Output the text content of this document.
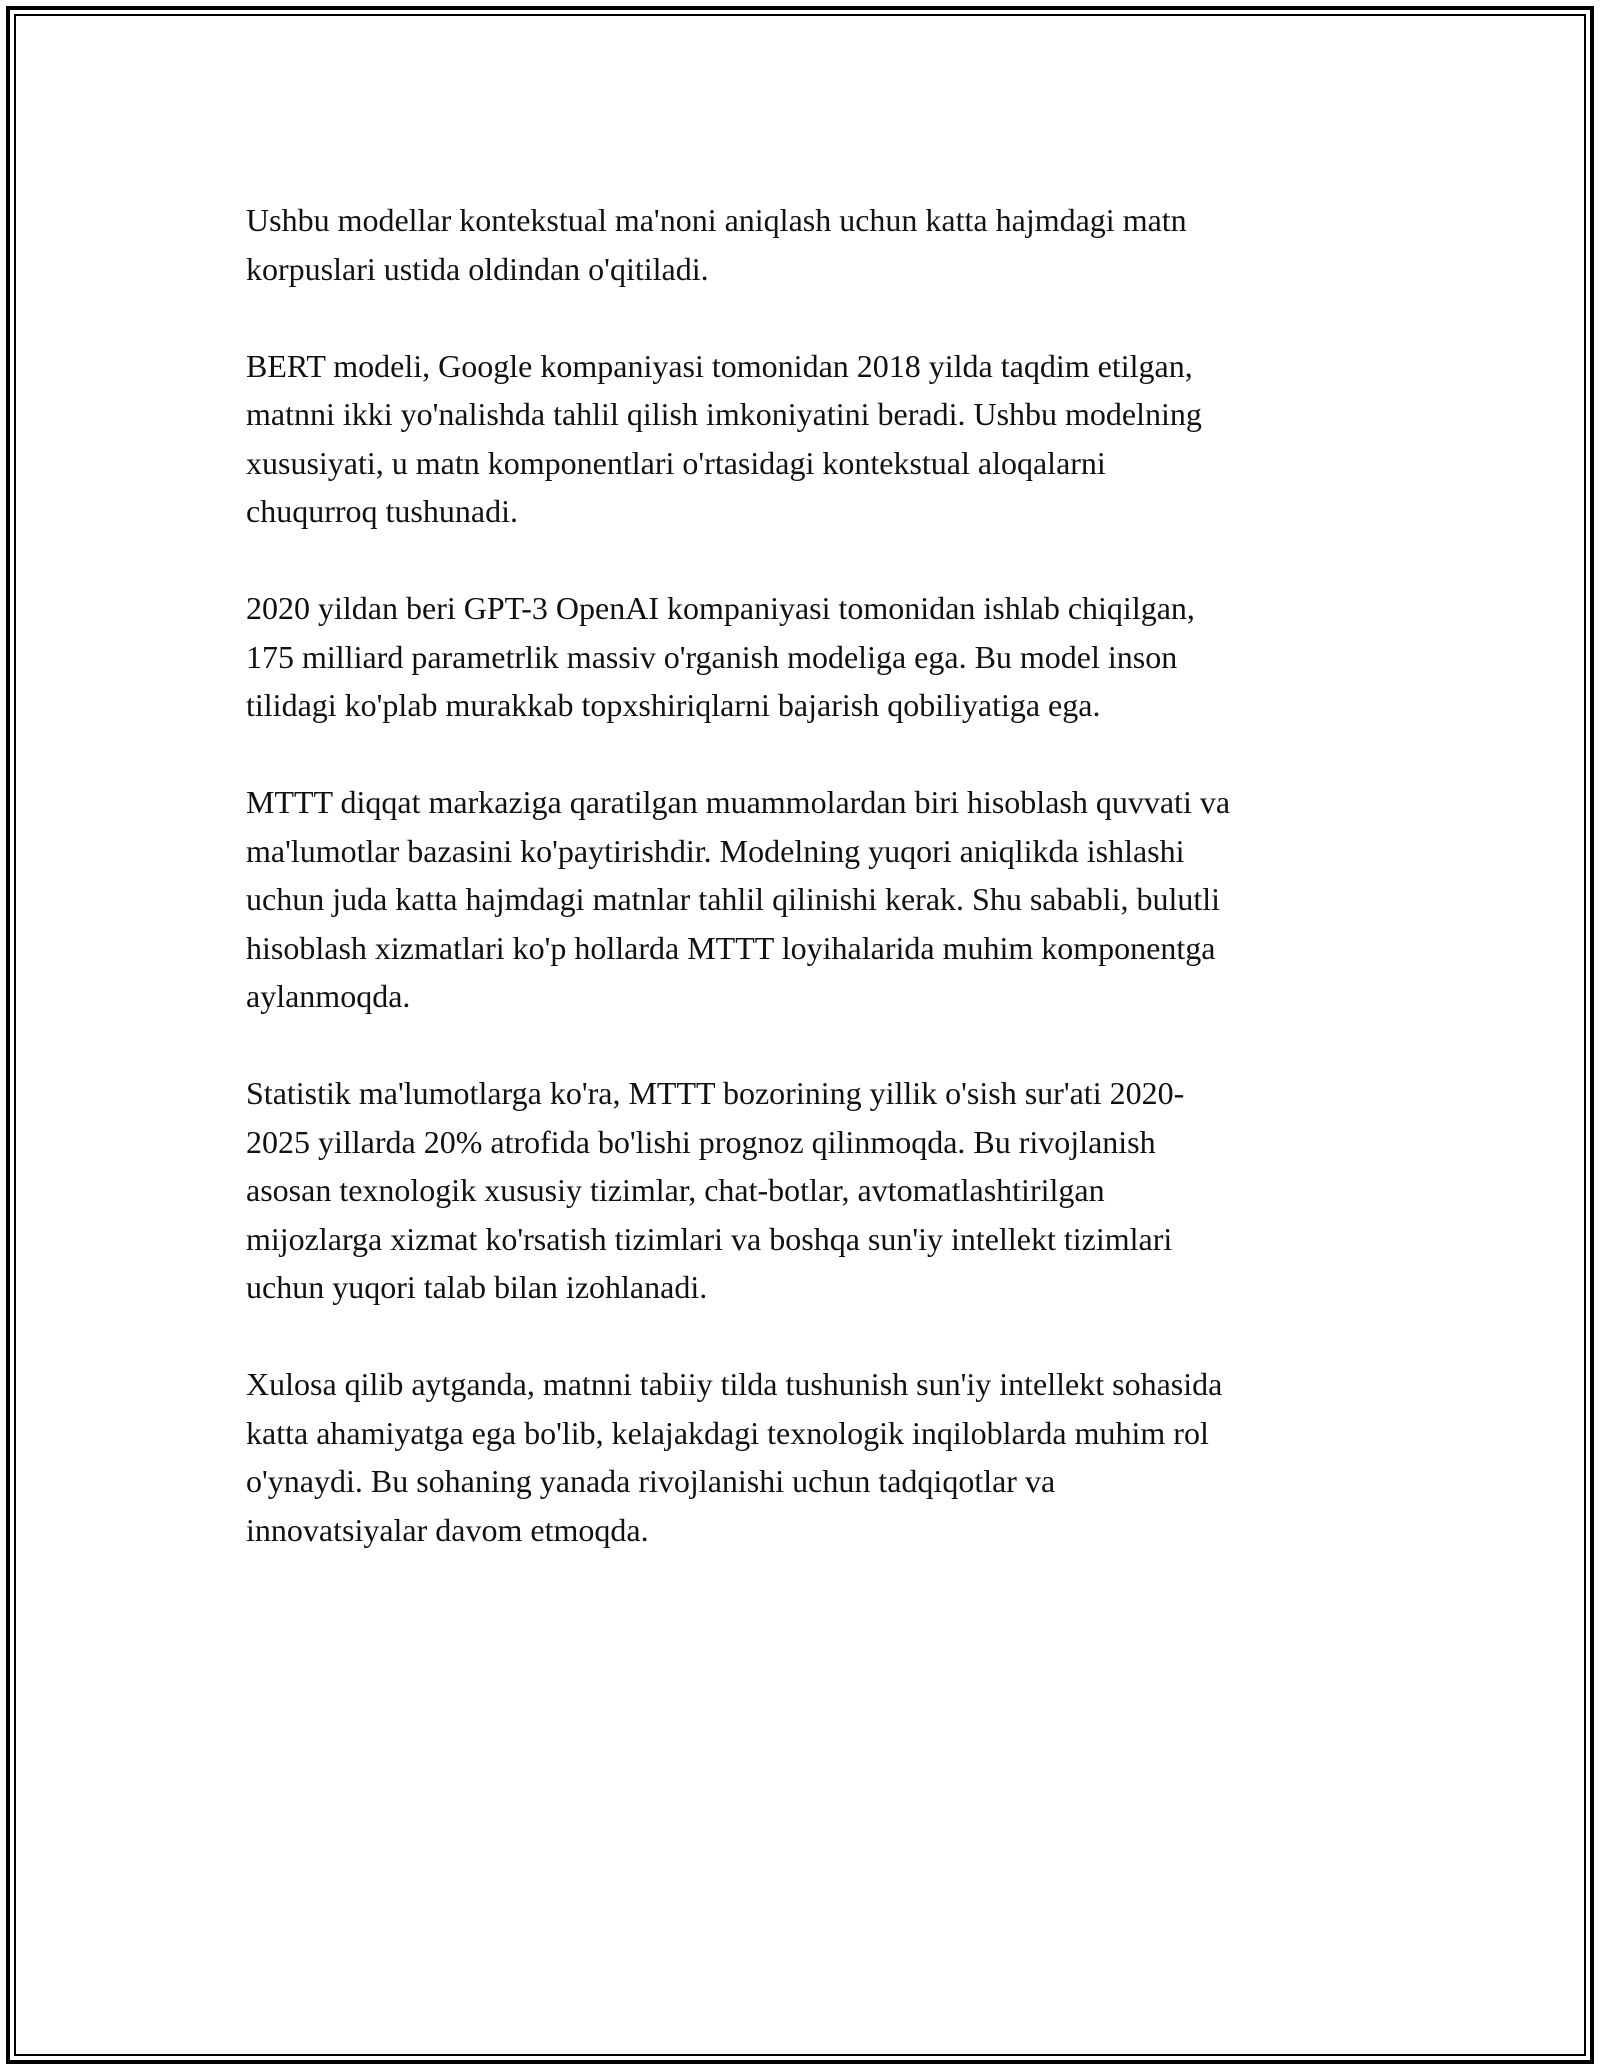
Ushbu modellar kontekstual ma'noni aniqlash uchun katta hajmdagi matn
korpuslari ustida oldindan o'qitiladi.

BERT modeli, Google kompaniyasi tomonidan 2018 yilda taqdim etilgan,
matnni ikki yo'nalishda tahlil qilish imkoniyatini beradi. Ushbu modelning
xususiyati, u matn komponentlari o'rtasidagi kontekstual aloqalarni
chuqurroq tushunadi.

2020 yildan beri GPT-3 OpenAI kompaniyasi tomonidan ishlab chiqilgan,
175 milliard parametrlik massiv o'rganish modeliga ega. Bu model inson
tilidagi ko'plab murakkab topxshiriqlarni bajarish qobiliyatiga ega.

MTTT diqqat markaziga qaratilgan muammolardan biri hisoblash quvvati va
ma'lumotlar bazasini ko'paytirishdir. Modelning yuqori aniqlikda ishlashi
uchun juda katta hajmdagi matnlar tahlil qilinishi kerak. Shu sababli, bulutli
hisoblash xizmatlari ko'p hollarda MTTT loyihalarida muhim komponentga
aylanmoqda.

Statistik ma'lumotlarga ko'ra, MTTT bozorining yillik o'sish sur'ati 2020-
2025 yillarda 20% atrofida bo'lishi prognoz qilinmoqda. Bu rivojlanish
asosan texnologik xususiy tizimlar, chat-botlar, avtomatlashtirilgan
mijozlarga xizmat ko'rsatish tizimlari va boshqa sun'iy intellekt tizimlari
uchun yuqori talab bilan izohlanadi.

Xulosa qilib aytganda, matnni tabiiy tilda tushunish sun'iy intellekt sohasida
katta ahamiyatga ega bo'lib, kelajakdagi texnologik inqiloblarda muhim rol
o'ynaydi. Bu sohaning yanada rivojlanishi uchun tadqiqotlar va
innovatsiyalar davom etmoqda.
